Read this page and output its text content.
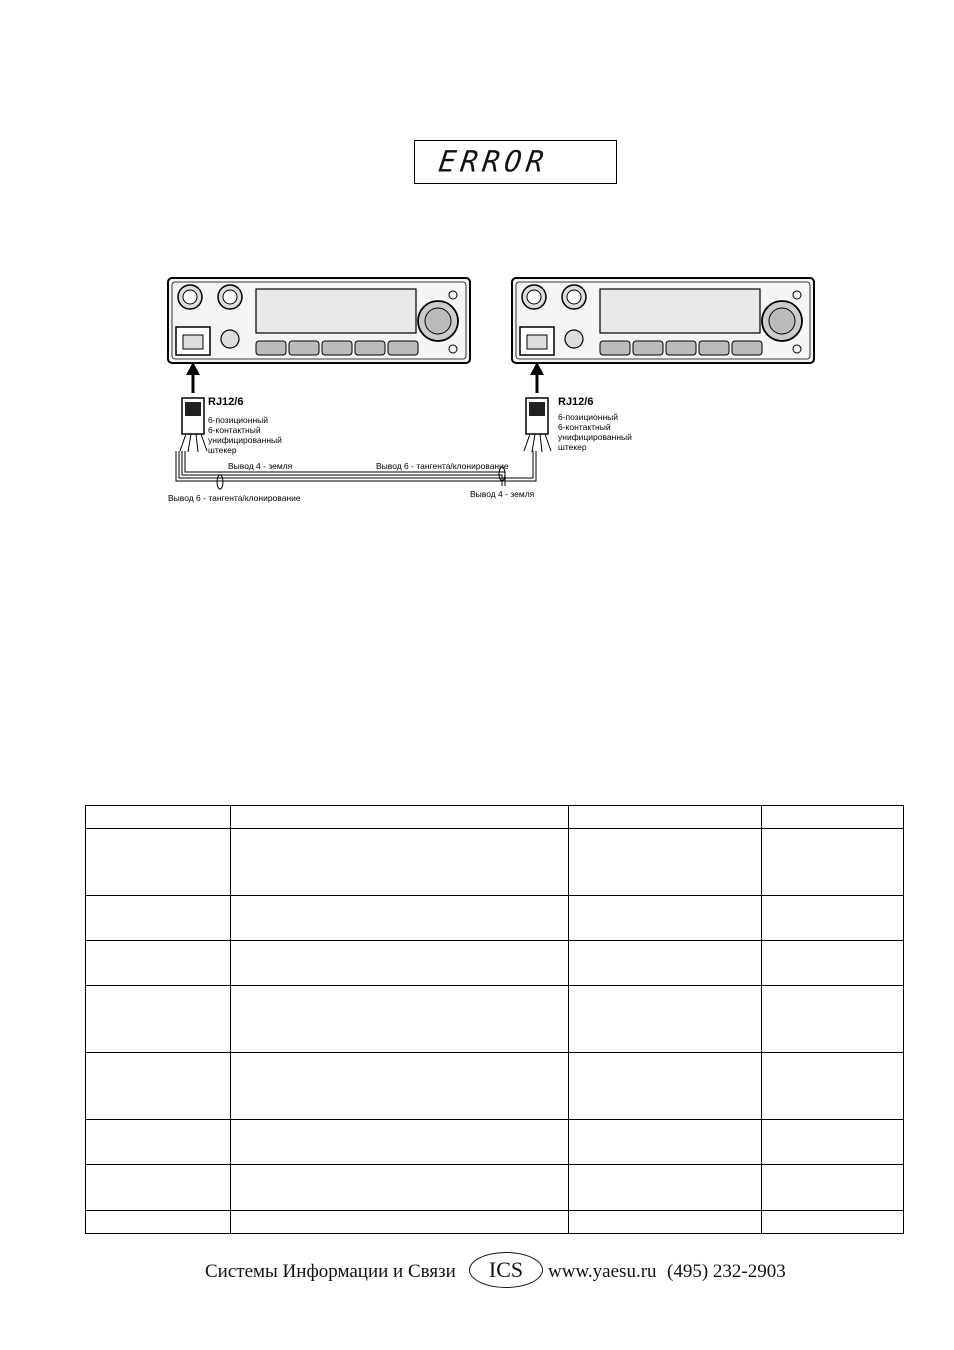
ERROR
RJ12/6
6-позиционный
6-контактный
унифицированный
штекер
RJ12/6
6-позиционный
6-контактный
унифицированный
штекер
Вывод 4 - земля	Вывод 6 - тангента/клонирование
Вывод 6 - тангента/клонирование	Вывод 4 - земля

Системы Информации и Связи	ICS	www.yaesu.ru (495) 232-2903
